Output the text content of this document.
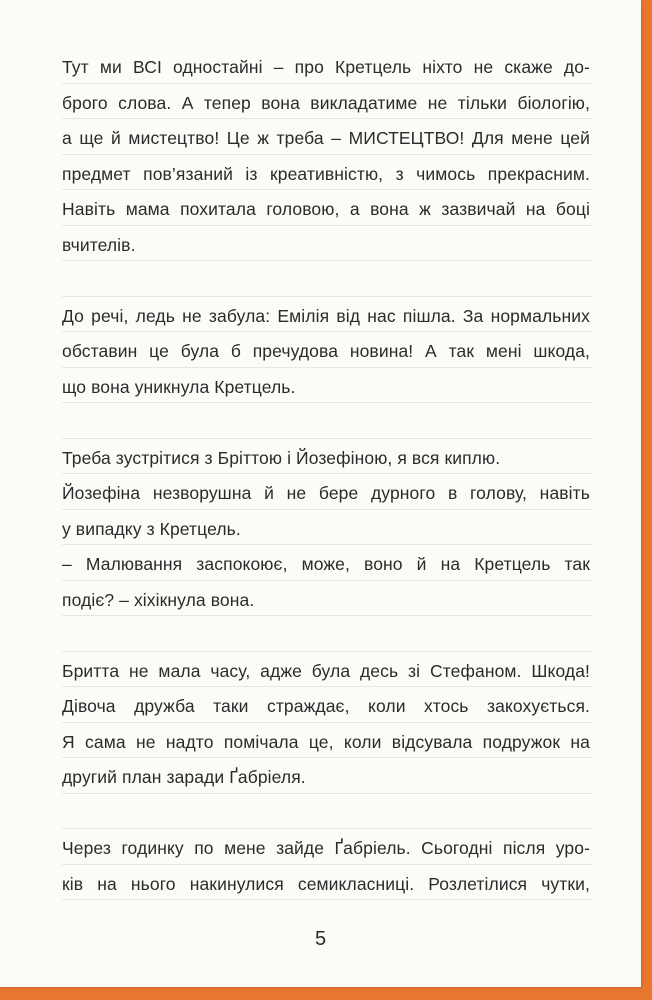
Тут ми ВСІ одностайні – про Кретцель ніхто не скаже до-

брого слова. А тепер вона викладатиме не тільки біологію,

а ще й мистецтво! Це ж треба – МИСТЕЦТВО! Для мене цей

предмет пов’язаний із креативністю, з чимось прекрасним.

Навіть мама похитала головою, а вона ж зазвичай на боці

вчителів.

До речі, ледь не забула: Емілія від нас пішла. За нормальних

обставин це була б пречудова новина! А так мені шкода,

що вона уникнула Кретцель.

Треба зустрітися з Бріттою і Йозефіною, я вся киплю.

Йозефіна незворушна й не бере дурного в голову, навіть

у випадку з Кретцель.

– Малювання заспокоює, може, воно й на Кретцель так

подіє? – хіхікнула вона.

Бритта не мала часу, адже була десь зі Стефаном. Шкода!

Дівоча дружба таки страждає, коли хтось закохується.

Я сама не надто помічала це, коли відсувала подружок на

другий план заради Ґабріеля.

Через годинку по мене зайде Ґабріель. Сьогодні після уро-

ків на нього накинулися семикласниці. Розлетілися чутки,

5
